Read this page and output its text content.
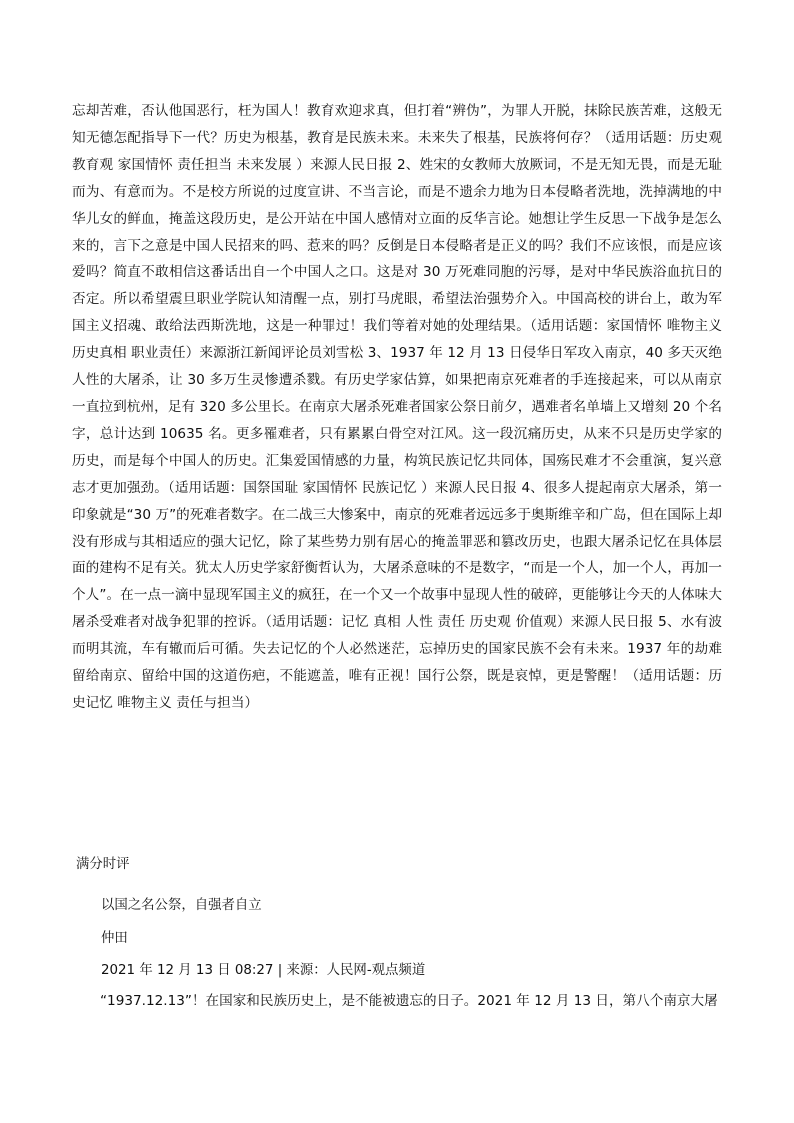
忘却苦难，否认他国恶行，枉为国人！教育欢迎求真，但打着“辨伪”，为罪人开脱，抹除民族苦难，这般无知无德怎配指导下一代？历史为根基，教育是民族未来。未来失了根基，民族将何存？（适用话题：历史观 教育观 家国情怀 责任担当 未来发展 ）来源人民日报 2、姓宋的女教师大放厥词，不是无知无畏，而是无耻而为、有意而为。不是校方所说的过度宣讲、不当言论，而是不遗余力地为日本侵略者洗地，洗掉满地的中华儿女的鲜血，掩盖这段历史，是公开站在中国人感情对立面的反华言论。她想让学生反思一下战争是怎么来的，言下之意是中国人民招来的吗、惹来的吗？反倒是日本侵略者是正义的吗？我们不应该恨，而是应该爱吗？简直不敢相信这番话出自一个中国人之口。这是对 30 万死难同胞的污辱，是对中华民族浴血抗日的否定。所以希望震旦职业学院认知清醒一点，别打马虎眼，希望法治强势介入。中国高校的讲台上，敢为军国主义招魂、敢给法西斯洗地，这是一种罪过！我们等着对她的处理结果。（适用话题：家国情怀 唯物主义 历史真相 职业责任）来源浙江新闻评论员刘雪松 3、1937 年 12 月 13 日侵华日军攻入南京，40 多天灭绝人性的大屠杀，让 30 多万生灵惨遭杀戮。有历史学家估算，如果把南京死难者的手连接起来，可以从南京一直拉到杭州，足有 320 多公里长。在南京大屠杀死难者国家公祭日前夕，遇难者名单墙上又增刻 20 个名字，总计达到 10635 名。更多罹难者，只有累累白骨空对江风。这一段沉痛历史，从来不只是历史学家的历史，而是每个中国人的历史。汇集爱国情感的力量，构筑民族记忆共同体，国殇民难才不会重演，复兴意志才更加强劲。（适用话题：国祭国耻 家国情怀 民族记忆 ）来源人民日报 4、很多人提起南京大屠杀，第一印象就是“30 万”的死难者数字。在二战三大惨案中，南京的死难者远远多于奥斯维辛和广岛，但在国际上却没有形成与其相适应的强大记忆，除了某些势力别有居心的掩盖罪恶和篡改历史，也跟大屠杀记忆在具体层面的建构不足有关。犹太人历史学家舒衡哲认为，大屠杀意味的不是数字，“而是一个人，加一个人，再加一个人”。在一点一滴中显现军国主义的疯狂，在一个又一个故事中显现人性的破碎，更能够让今天的人体味大屠杀受难者对战争犯罪的控诉。（适用话题：记忆 真相 人性 责任 历史观 价值观）来源人民日报 5、水有波而明其流，车有辙而后可循。失去记忆的个人必然迷茫，忘掉历史的国家民族不会有未来。1937 年的劫难留给南京、留给中国的这道伤疤，不能遮盖，唯有正视！国行公祭，既是哀悼，更是警醒！（适用话题：历史记忆 唯物主义 责任与担当）

满分时评

以国之名公祭，自强者自立

仲田

2021 年 12 月 13 日 08:27 | 来源：人民网-观点频道

“1937.12.13”！在国家和民族历史上，是不能被遗忘的日子。2021 年 12 月 13 日，第八个南京大屠
